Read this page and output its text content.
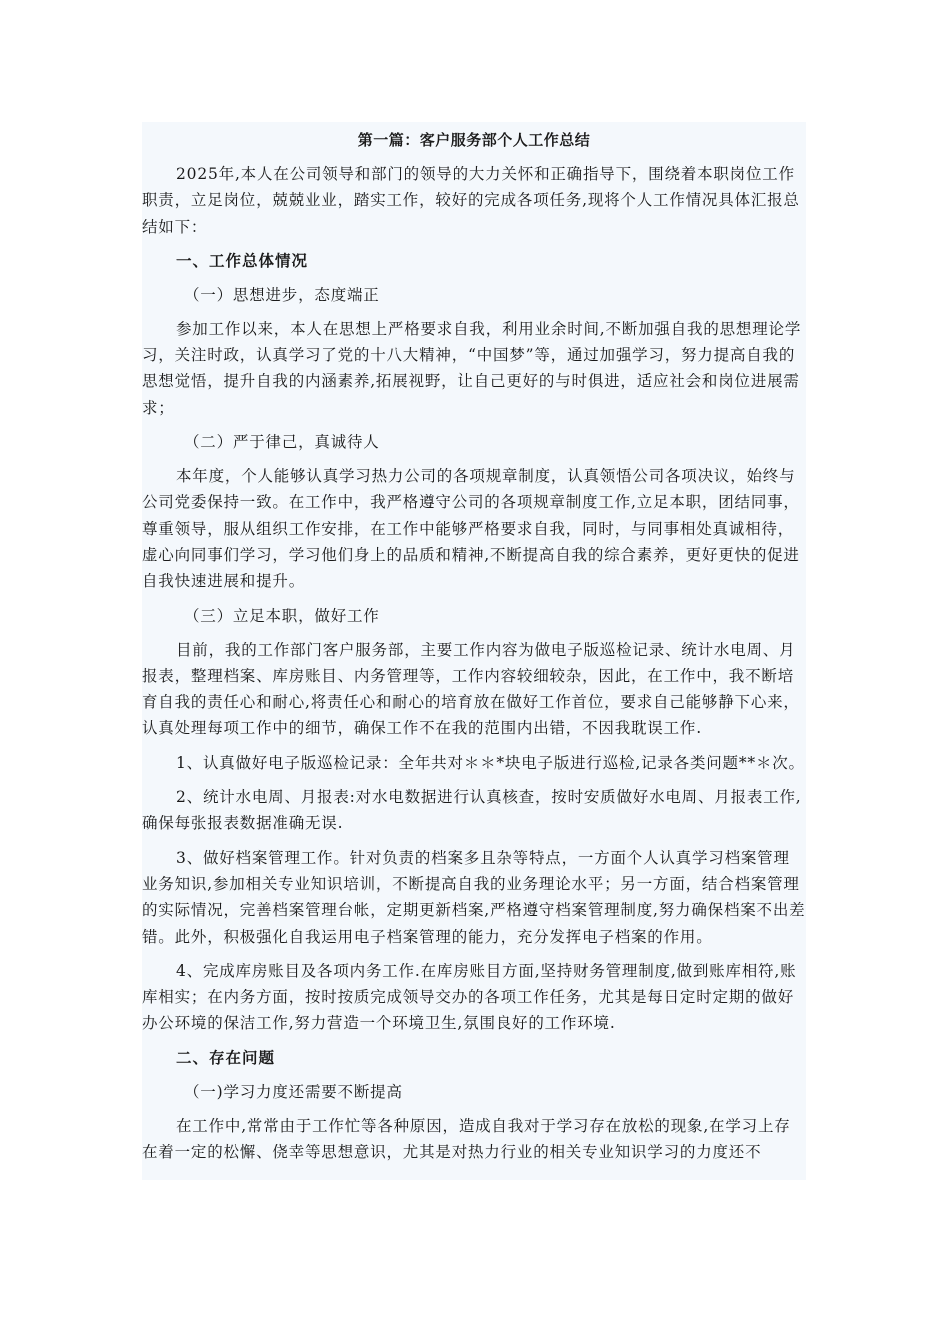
第一篇：客户服务部个人工作总结

2025年,本人在公司领导和部门的领导的大力关怀和正确指导下，围绕着本职岗位工作职责，立足岗位，兢兢业业，踏实工作，较好的完成各项任务,现将个人工作情况具体汇报总结如下：

一、工作总体情况
（一）思想进步，态度端正

参加工作以来，本人在思想上严格要求自我，利用业余时间,不断加强自我的思想理论学习，关注时政，认真学习了党的十八大精神，“中国梦”等，通过加强学习，努力提高自我的思想觉悟，提升自我的内涵素养,拓展视野，让自己更好的与时俱进，适应社会和岗位进展需求；

（二）严于律己，真诚待人

本年度，个人能够认真学习热力公司的各项规章制度，认真领悟公司各项决议，始终与公司党委保持一致。在工作中，我严格遵守公司的各项规章制度工作,立足本职，团结同事，尊重领导，服从组织工作安排，在工作中能够严格要求自我，同时，与同事相处真诚相待，虚心向同事们学习，学习他们身上的品质和精神,不断提高自我的综合素养，更好更快的促进自我快速进展和提升。

（三）立足本职，做好工作

目前，我的工作部门客户服务部，主要工作内容为做电子版巡检记录、统计水电周、月报表，整理档案、库房账目、内务管理等，工作内容较细较杂，因此，在工作中，我不断培育自我的责任心和耐心,将责任心和耐心的培育放在做好工作首位，要求自己能够静下心来，认真处理每项工作中的细节，确保工作不在我的范围内出错，不因我耽误工作.

1、认真做好电子版巡检记录：全年共对＊＊*块电子版进行巡检,记录各类问题**＊次。

2、统计水电周、月报表:对水电数据进行认真核查，按时安质做好水电周、月报表工作,确保每张报表数据准确无误.

3、做好档案管理工作。针对负责的档案多且杂等特点，一方面个人认真学习档案管理业务知识,参加相关专业知识培训，不断提高自我的业务理论水平；另一方面，结合档案管理的实际情况，完善档案管理台帐，定期更新档案,严格遵守档案管理制度,努力确保档案不出差错。此外，积极强化自我运用电子档案管理的能力，充分发挥电子档案的作用。

4、完成库房账目及各项内务工作.在库房账目方面,坚持财务管理制度,做到账库相符,账库相实；在内务方面，按时按质完成领导交办的各项工作任务，尤其是每日定时定期的做好办公环境的保洁工作,努力营造一个环境卫生,氛围良好的工作环境.

二、存在问题
（一)学习力度还需要不断提高

在工作中,常常由于工作忙等各种原因，造成自我对于学习存在放松的现象,在学习上存在着一定的松懈、侥幸等思想意识，尤其是对热力行业的相关专业知识学习的力度还不
